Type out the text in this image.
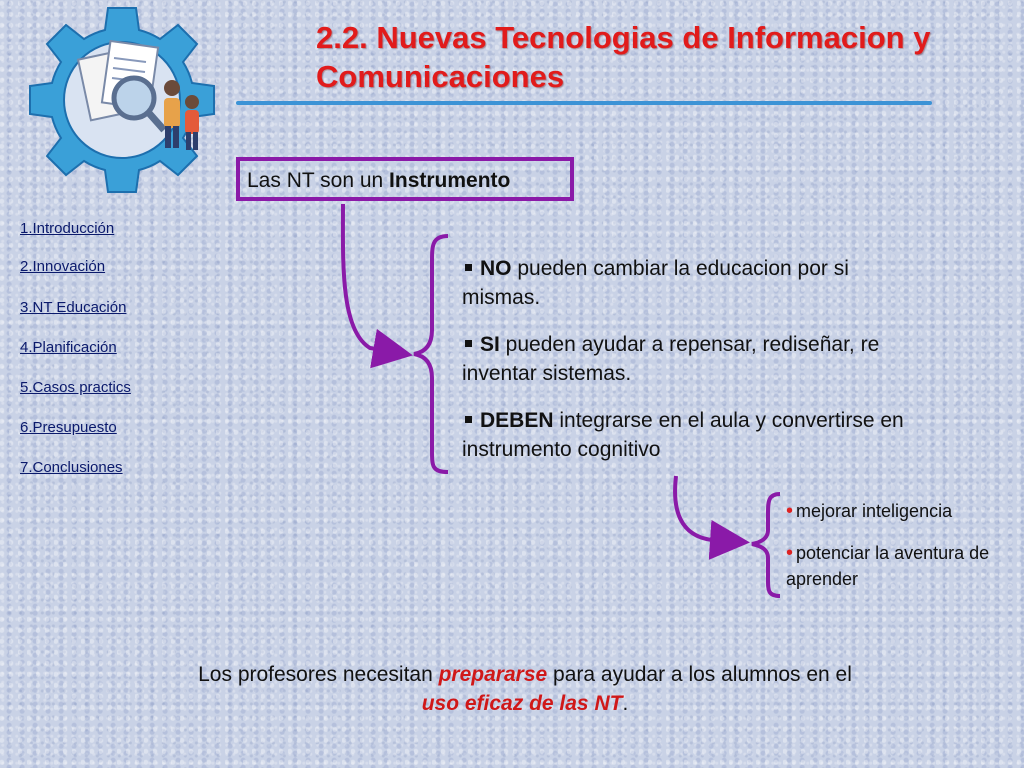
2.2. Nuevas Tecnologias de Informacion y Comunicaciones
Las NT son un Instrumento
1.Introducción
2.Innovación
3.NT Educación
4.Planificación
5.Casos practics
6.Presupuesto
7.Conclusiones
NO pueden cambiar la educacion por si mismas.
SI pueden ayudar a repensar, rediseñar, re inventar sistemas.
DEBEN integrarse en el aula y convertirse en instrumento cognitivo
• mejorar inteligencia
• potenciar la aventura de aprender
Los profesores necesitan prepararse para ayudar a los alumnos en el
uso eficaz de las NT.
